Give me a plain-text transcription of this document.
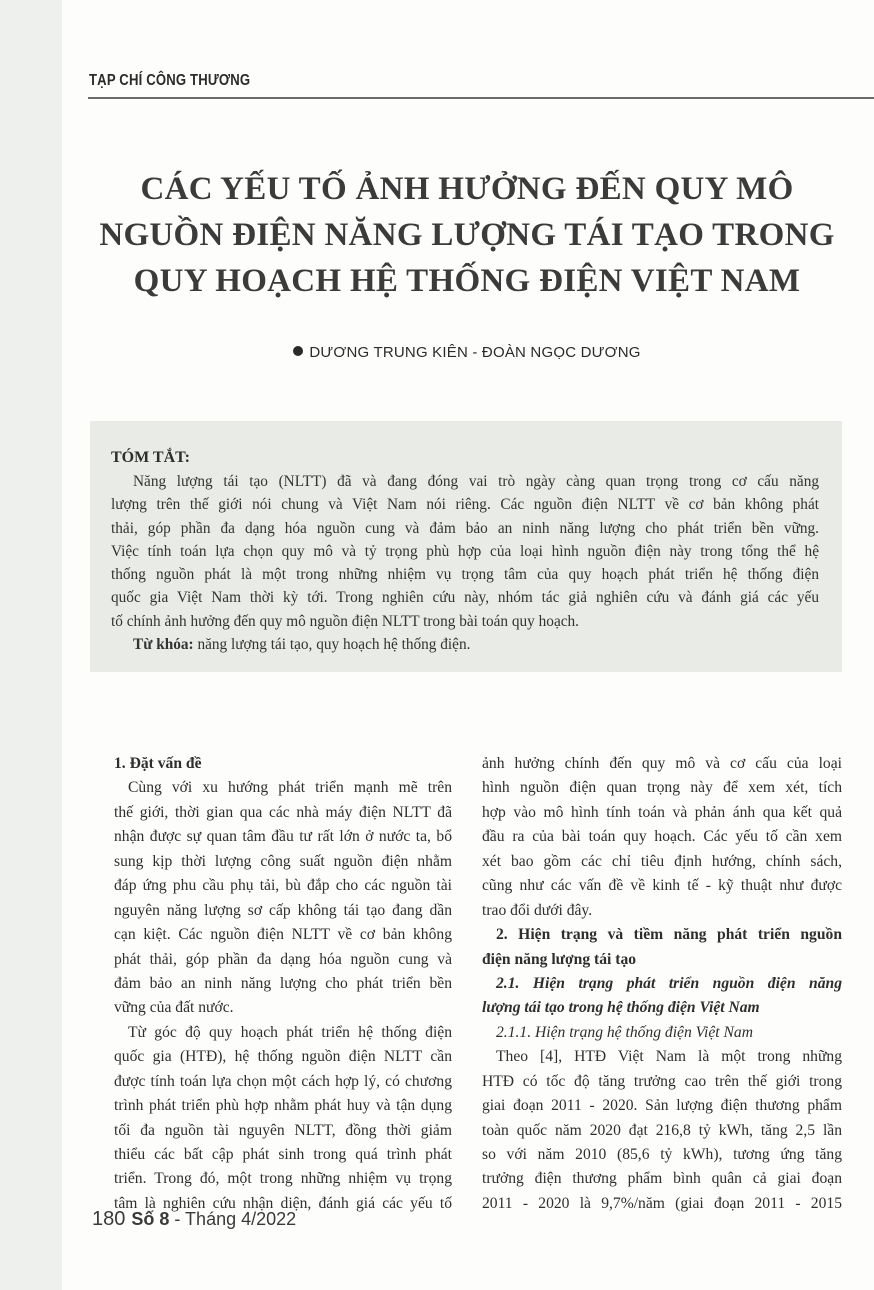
TẠP CHÍ CÔNG THƯƠNG
CÁC YẾU TỐ ẢNH HƯỞNG ĐẾN QUY MÔ
NGUỒN ĐIỆN NĂNG LƯỢNG TÁI TẠO TRONG
QUY HOẠCH HỆ THỐNG ĐIỆN VIỆT NAM
DƯƠNG TRUNG KIÊN - ĐOÀN NGỌC DƯƠNG
TÓM TẮT:
Năng lượng tái tạo (NLTT) đã và đang đóng vai trò ngày càng quan trọng trong cơ cấu năng
lượng trên thế giới nói chung và Việt Nam nói riêng. Các nguồn điện NLTT về cơ bản không phát
thải, góp phần đa dạng hóa nguồn cung và đảm bảo an ninh năng lượng cho phát triển bền vững.
Việc tính toán lựa chọn quy mô và tỷ trọng phù hợp của loại hình nguồn điện này trong tổng thể hệ
thống nguồn phát là một trong những nhiệm vụ trọng tâm của quy hoạch phát triển hệ thống điện
quốc gia Việt Nam thời kỳ tới. Trong nghiên cứu này, nhóm tác giả nghiên cứu và đánh giá các yếu
tố chính ảnh hưởng đến quy mô nguồn điện NLTT trong bài toán quy hoạch.
Từ khóa: năng lượng tái tạo, quy hoạch hệ thống điện.
1. Đặt vấn đề
Cùng với xu hướng phát triển mạnh mẽ trên
thế giới, thời gian qua các nhà máy điện NLTT đã
nhận được sự quan tâm đầu tư rất lớn ở nước ta, bổ
sung kịp thời lượng công suất nguồn điện nhằm
đáp ứng phu cầu phụ tải, bù đắp cho các nguồn tài
nguyên năng lượng sơ cấp không tái tạo đang dần
cạn kiệt. Các nguồn điện NLTT về cơ bản không
phát thải, góp phần đa dạng hóa nguồn cung và
đảm bảo an ninh năng lượng cho phát triển bền
vững của đất nước.
Từ góc độ quy hoạch phát triển hệ thống điện
quốc gia (HTĐ), hệ thống nguồn điện NLTT cần
được tính toán lựa chọn một cách hợp lý, có chương
trình phát triển phù hợp nhằm phát huy và tận dụng
tối đa nguồn tài nguyên NLTT, đồng thời giảm
thiểu các bất cập phát sinh trong quá trình phát
triển. Trong đó, một trong những nhiệm vụ trọng
tâm là nghiên cứu nhận diện, đánh giá các yếu tố
ảnh hưởng chính đến quy mô và cơ cấu của loại
hình nguồn điện quan trọng này để xem xét, tích
hợp vào mô hình tính toán và phản ánh qua kết quả
đầu ra của bài toán quy hoạch. Các yếu tố cần xem
xét bao gồm các chỉ tiêu định hướng, chính sách,
cũng như các vấn đề về kinh tế - kỹ thuật như được
trao đổi dưới đây.
2. Hiện trạng và tiềm năng phát triển nguồn
điện năng lượng tái tạo
2.1. Hiện trạng phát triển nguồn điện năng
lượng tái tạo trong hệ thống điện Việt Nam
2.1.1. Hiện trạng hệ thống điện Việt Nam
Theo [4], HTĐ Việt Nam là một trong những
HTĐ có tốc độ tăng trưởng cao trên thế giới trong
giai đoạn 2011 - 2020. Sản lượng điện thương phẩm
toàn quốc năm 2020 đạt 216,8 tỷ kWh, tăng 2,5 lần
so với năm 2010 (85,6 tỷ kWh), tương ứng tăng
trưởng điện thương phẩm bình quân cả giai đoạn
2011 - 2020 là 9,7%/năm (giai đoạn 2011 - 2015
180 Số 8 - Tháng 4/2022
